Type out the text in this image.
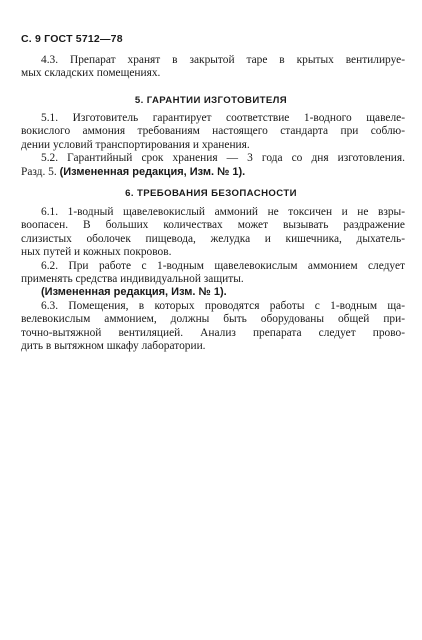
С. 9 ГОСТ 5712—78
4.3. Препарат хранят в закрытой таре в крытых вентилируе-
мых складских помещениях.
5. ГАРАНТИИ ИЗГОТОВИТЕЛЯ
5.1. Изготовитель гарантирует соответствие 1-водного щавеле-
вокислого аммония требованиям настоящего стандарта при соблю-
дении условий транспортирования и хранения.
5.2. Гарантийный срок хранения — 3 года со дня изготовления.
Разд. 5. (Измененная редакция, Изм. № 1).
6. ТРЕБОВАНИЯ БЕЗОПАСНОСТИ
6.1. 1-водный щавелевокислый аммоний не токсичен и не взры-
воопасен. В больших количествах может вызывать раздражение
слизистых оболочек пищевода, желудка и кишечника, дыхатель-
ных путей и кожных покровов.
6.2. При работе с 1-водным щавелевокислым аммонием следует
применять средства индивидуальной защиты.
(Измененная редакция, Изм. № 1).
6.3. Помещения, в которых проводятся работы с 1-водным ща-
велевокислым аммонием, должны быть оборудованы общей при-
точно-вытяжной вентиляцией. Анализ препарата следует прово-
дить в вытяжном шкафу лаборатории.
